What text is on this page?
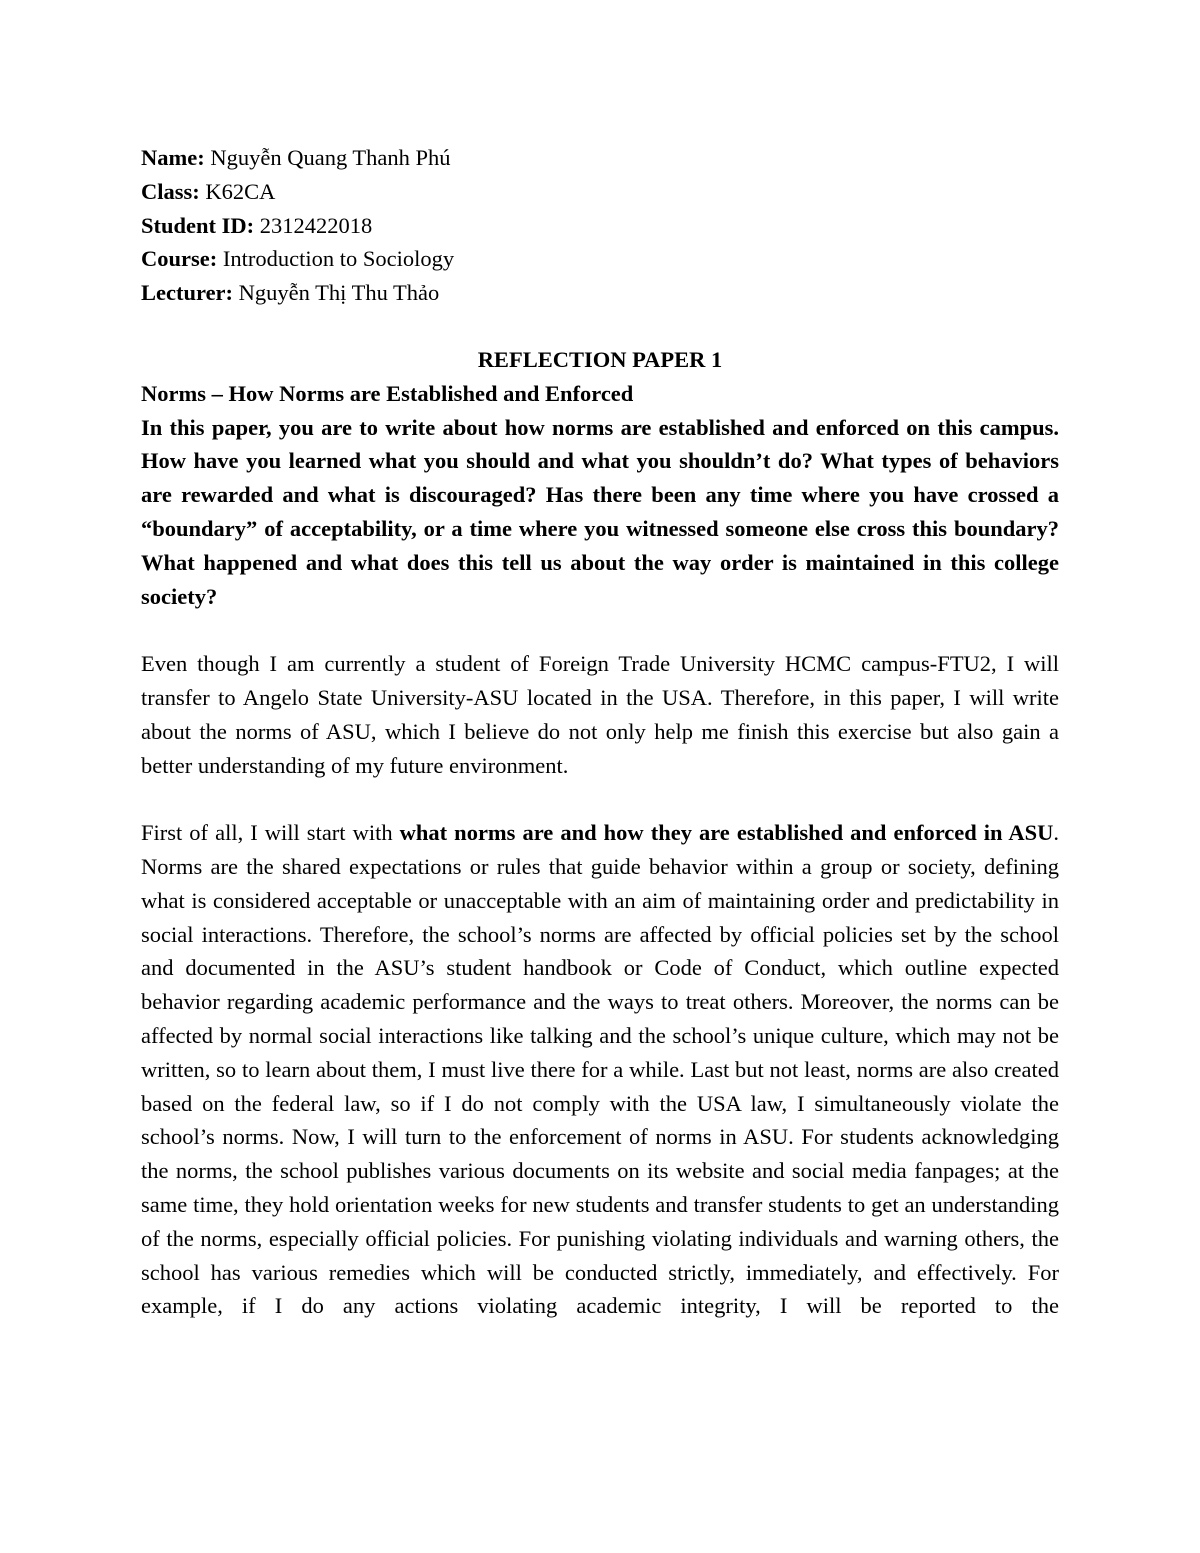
Name: Nguyễn Quang Thanh Phú

Class: K62CA

Student ID: 2312422018

Course: Introduction to Sociology

Lecturer: Nguyễn Thị Thu Thảo

REFLECTION PAPER 1

Norms – How Norms are Established and Enforced

In this paper, you are to write about how norms are established and enforced on this campus. How have you learned what you should and what you shouldn’t do? What types of behaviors are rewarded and what is discouraged? Has there been any time where you have crossed a “boundary” of acceptability, or a time where you witnessed someone else cross this boundary? What happened and what does this tell us about the way order is maintained in this college society?

Even though I am currently a student of Foreign Trade University HCMC campus-FTU2, I will transfer to Angelo State University-ASU located in the USA. Therefore, in this paper, I will write about the norms of ASU, which I believe do not only help me finish this exercise but also gain a better understanding of my future environment.

First of all, I will start with what norms are and how they are established and enforced in ASU. Norms are the shared expectations or rules that guide behavior within a group or society, defining what is considered acceptable or unacceptable with an aim of maintaining order and predictability in social interactions. Therefore, the school’s norms are affected by official policies set by the school and documented in the ASU’s student handbook or Code of Conduct, which outline expected behavior regarding academic performance and the ways to treat others. Moreover, the norms can be affected by normal social interactions like talking and the school’s unique culture, which may not be written, so to learn about them, I must live there for a while. Last but not least, norms are also created based on the federal law, so if I do not comply with the USA law, I simultaneously violate the school’s norms. Now, I will turn to the enforcement of norms in ASU. For students acknowledging the norms, the school publishes various documents on its website and social media fanpages; at the same time, they hold orientation weeks for new students and transfer students to get an understanding of the norms, especially official policies. For punishing violating individuals and warning others, the school has various remedies which will be conducted strictly, immediately, and effectively. For example, if I do any actions violating academic integrity, I will be reported to the
